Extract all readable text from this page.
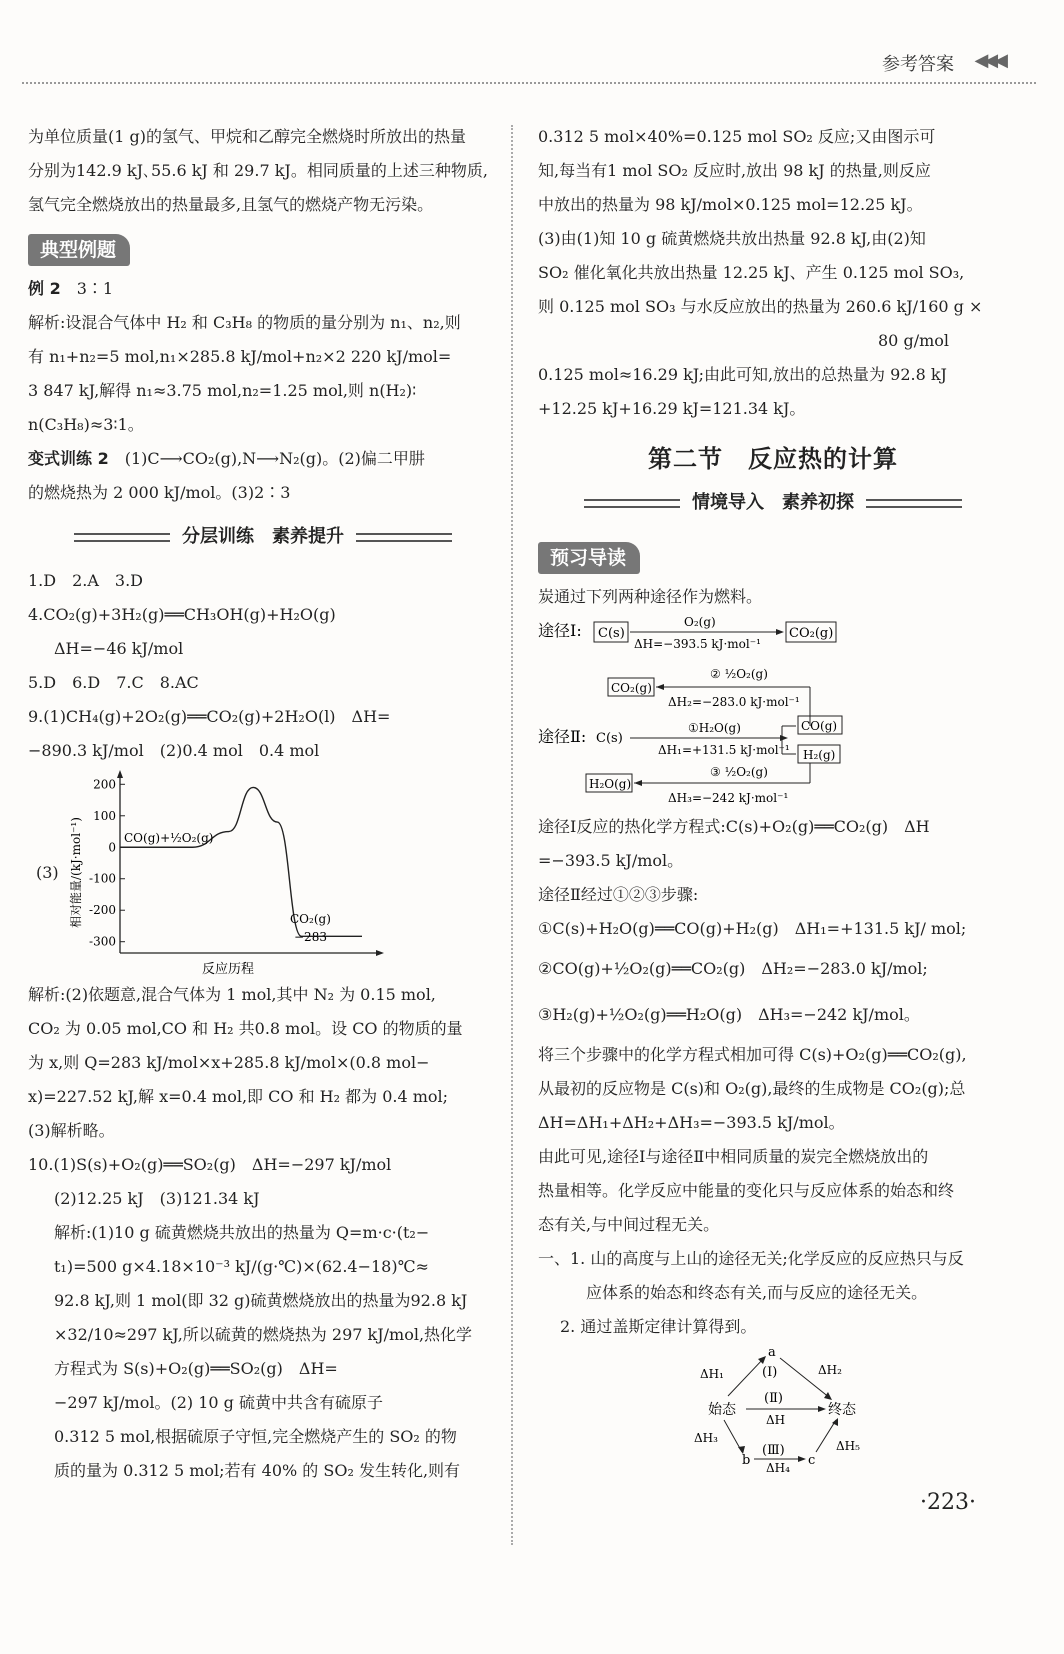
参考答案 ◀◀◀

为单位质量(1 g)的氢气、甲烷和乙醇完全燃烧时所放出的热量

分别为142.9 kJ､55.6 kJ 和 29.7 kJ。相同质量的上述三种物质,

氢气完全燃烧放出的热量最多,且氢气的燃烧产物无污染。

典型例题

例 2　 3∶1

解析:设混合气体中 H₂ 和 C₃H₈ 的物质的量分别为 n₁、n₂,则

有 n₁+n₂=5 mol,n₁×285.8 kJ/mol+n₂×2 220 kJ/mol=

3 847 kJ,解得 n₁≈3.75 mol,n₂=1.25 mol,则 n(H₂)∶

n(C₃H₈)≈3∶1。

变式训练 2　 (1)C⟶CO₂(g),N⟶N₂(g)。(2)偏二甲肼

的燃烧热为 2 000 kJ/mol。(3)2∶3

分层训练　素养提升

1.D　2.A　3.D

4.CO₂(g)+3H₂(g)══CH₃OH(g)+H₂O(g)

ΔH=−46 kJ/mol

5.D　6.D　7.C　8.AC

9.(1)CH₄(g)+2O₂(g)══CO₂(g)+2H₂O(l)　ΔH=

−890.3 kJ/mol　(2)0.4 mol　0.4 mol

(3)
200
100
0
-100
-200
-300
CO(g)+½O₂(g)
CO₂(g)
−283
反应历程
相对能量/(kJ·mol⁻¹)

解析:(2)依题意,混合气体为 1 mol,其中 N₂ 为 0.15 mol,

CO₂ 为 0.05 mol,CO 和 H₂ 共0.8 mol。设 CO 的物质的量

为 x,则 Q=283 kJ/mol×x+285.8 kJ/mol×(0.8 mol−

x)=227.52 kJ,解 x=0.4 mol,即 CO 和 H₂ 都为 0.4 mol;

(3)解析略。

10.(1)S(s)+O₂(g)══SO₂(g)　ΔH=−297 kJ/mol

(2)12.25 kJ　(3)121.34 kJ

解析:(1)10 g 硫黄燃烧共放出的热量为 Q=m·c·(t₂−

t₁)=500 g×4.18×10⁻³ kJ/(g·℃)×(62.4−18)℃≈

92.8 kJ,则 1 mol(即 32 g)硫黄燃烧放出的热量为92.8 kJ

×32/10≈297 kJ,所以硫黄的燃烧热为 297 kJ/mol,热化学

方程式为 S(s)+O₂(g)══SO₂(g)　ΔH=

−297 kJ/mol。(2) 10 g 硫黄中共含有硫原子

0.312 5 mol,根据硫原子守恒,完全燃烧产生的 SO₂ 的物

质的量为 0.312 5 mol;若有 40% 的 SO₂ 发生转化,则有

0.312 5 mol×40%=0.125 mol SO₂ 反应;又由图示可

知,每当有1 mol SO₂ 反应时,放出 98 kJ 的热量,则反应

中放出的热量为 98 kJ/mol×0.125 mol=12.25 kJ。

(3)由(1)知 10 g 硫黄燃烧共放出热量 92.8 kJ,由(2)知

SO₂ 催化氧化共放出热量 12.25 kJ、产生 0.125 mol SO₃,

则 0.125 mol SO₃ 与水反应放出的热量为 260.6 kJ/160 g ×

80 g/mol

0.125 mol≈16.29 kJ;由此可知,放出的总热量为 92.8 kJ

+12.25 kJ+16.29 kJ=121.34 kJ。

第二节　反应热的计算
情境导入　素养初探
预习导读

炭通过下列两种途径作为燃料。

途径Ⅰ: C(s)
O₂(g)
ΔH=−393.5 kJ·mol⁻¹
CO₂(g)
途径Ⅱ: C(s)
CO₂(g)
② ½O₂(g)
ΔH₂=−283.0 kJ·mol⁻¹
①H₂O(g)
ΔH₁=+131.5 kJ·mol⁻¹
CO(g)
H₂(g)
H₂O(g)
③ ½O₂(g)
ΔH₃=−242 kJ·mol⁻¹

途径Ⅰ反应的热化学方程式:C(s)+O₂(g)══CO₂(g)　ΔH

=−393.5 kJ/mol。

途径Ⅱ经过①②③步骤:

①C(s)+H₂O(g)══CO(g)+H₂(g)　ΔH₁=+131.5 kJ/ mol;

②CO(g)+½O₂(g)══CO₂(g)　ΔH₂=−283.0 kJ/mol;

③H₂(g)+½O₂(g)══H₂O(g)　ΔH₃=−242 kJ/mol。

将三个步骤中的化学方程式相加可得 C(s)+O₂(g)══CO₂(g),

从最初的反应物是 C(s)和 O₂(g),最终的生成物是 CO₂(g);总

ΔH=ΔH₁+ΔH₂+ΔH₃=−393.5 kJ/mol。

由此可见,途径Ⅰ与途径Ⅱ中相同质量的炭完全燃烧放出的

热量相等。化学反应中能量的变化只与反应体系的始态和终

态有关,与中间过程无关。

一、1. 山的高度与上山的途径无关;化学反应的反应热只与反

应体系的始态和终态有关,而与反应的途径无关。

2. 通过盖斯定律计算得到。

a
始态	终态
b	c
(Ⅰ)
(Ⅱ)
(Ⅲ)
ΔH
ΔH₁	ΔH₂
ΔH₃
ΔH₄
ΔH₅
·223·
